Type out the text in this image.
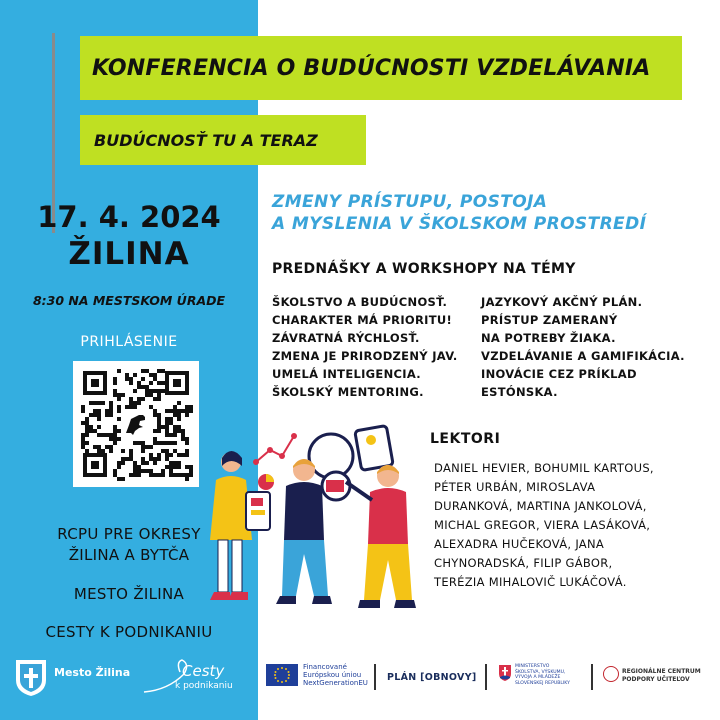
KONFERENCIA O BUDÚCNOSTI VZDELÁVANIA
BUDÚCNOSŤ TU A TERAZ
17. 4. 2024
ŽILINA
8:30 NA MESTSKOM ÚRADE
PRIHLÁSENIE
RCPU PRE OKRESY
ŽILINA A BYTČA
MESTO ŽILINA
CESTY K PODNIKANIU
ZMENY PRÍSTUPU, POSTOJA
A MYSLENIA V ŠKOLSKOM PROSTREDÍ
PREDNÁŠKY A WORKSHOPY NA TÉMY
ŠKOLSTVO A BUDÚCNOSŤ.
CHARAKTER MÁ PRIORITU!
ZÁVRATNÁ RÝCHLOSŤ.
ZMENA JE PRIRODZENÝ JAV.
UMELÁ INTELIGENCIA.
ŠKOLSKÝ MENTORING.
JAZYKOVÝ AKČNÝ PLÁN.
PRÍSTUP ZAMERANÝ
NA POTREBY ŽIAKA.
VZDELÁVANIE A GAMIFIKÁCIA.
INOVÁCIE CEZ PRÍKLAD
ESTÓNSKA.
LEKTORI
DANIEL HEVIER, BOHUMIL KARTOUS,
PÉTER URBÁN, MIROSLAVA
DURANKOVÁ, MARTINA JANKOLOVÁ,
MICHAL GREGOR, VIERA LASÁKOVÁ,
ALEXADRA HUČEKOVÁ, JANA
CHYNORADSKÁ, FILIP GÁBOR,
TERÉZIA MIHALOVIČ LUKÁČOVÁ.
Mesto Žilina	Cesty
k podnikaniu
Financované
Európskou úniou
NextGenerationEU PLÁN [OBNOVY]
MINISTERSTVO
ŠKOLSTVA, VÝSKUMU,
VÝVOJA A MLÁDEŽE
SLOVENSKEJ REPUBLIKY
REGIONÁLNE CENTRUM
PODPORY UČITEĽOV
